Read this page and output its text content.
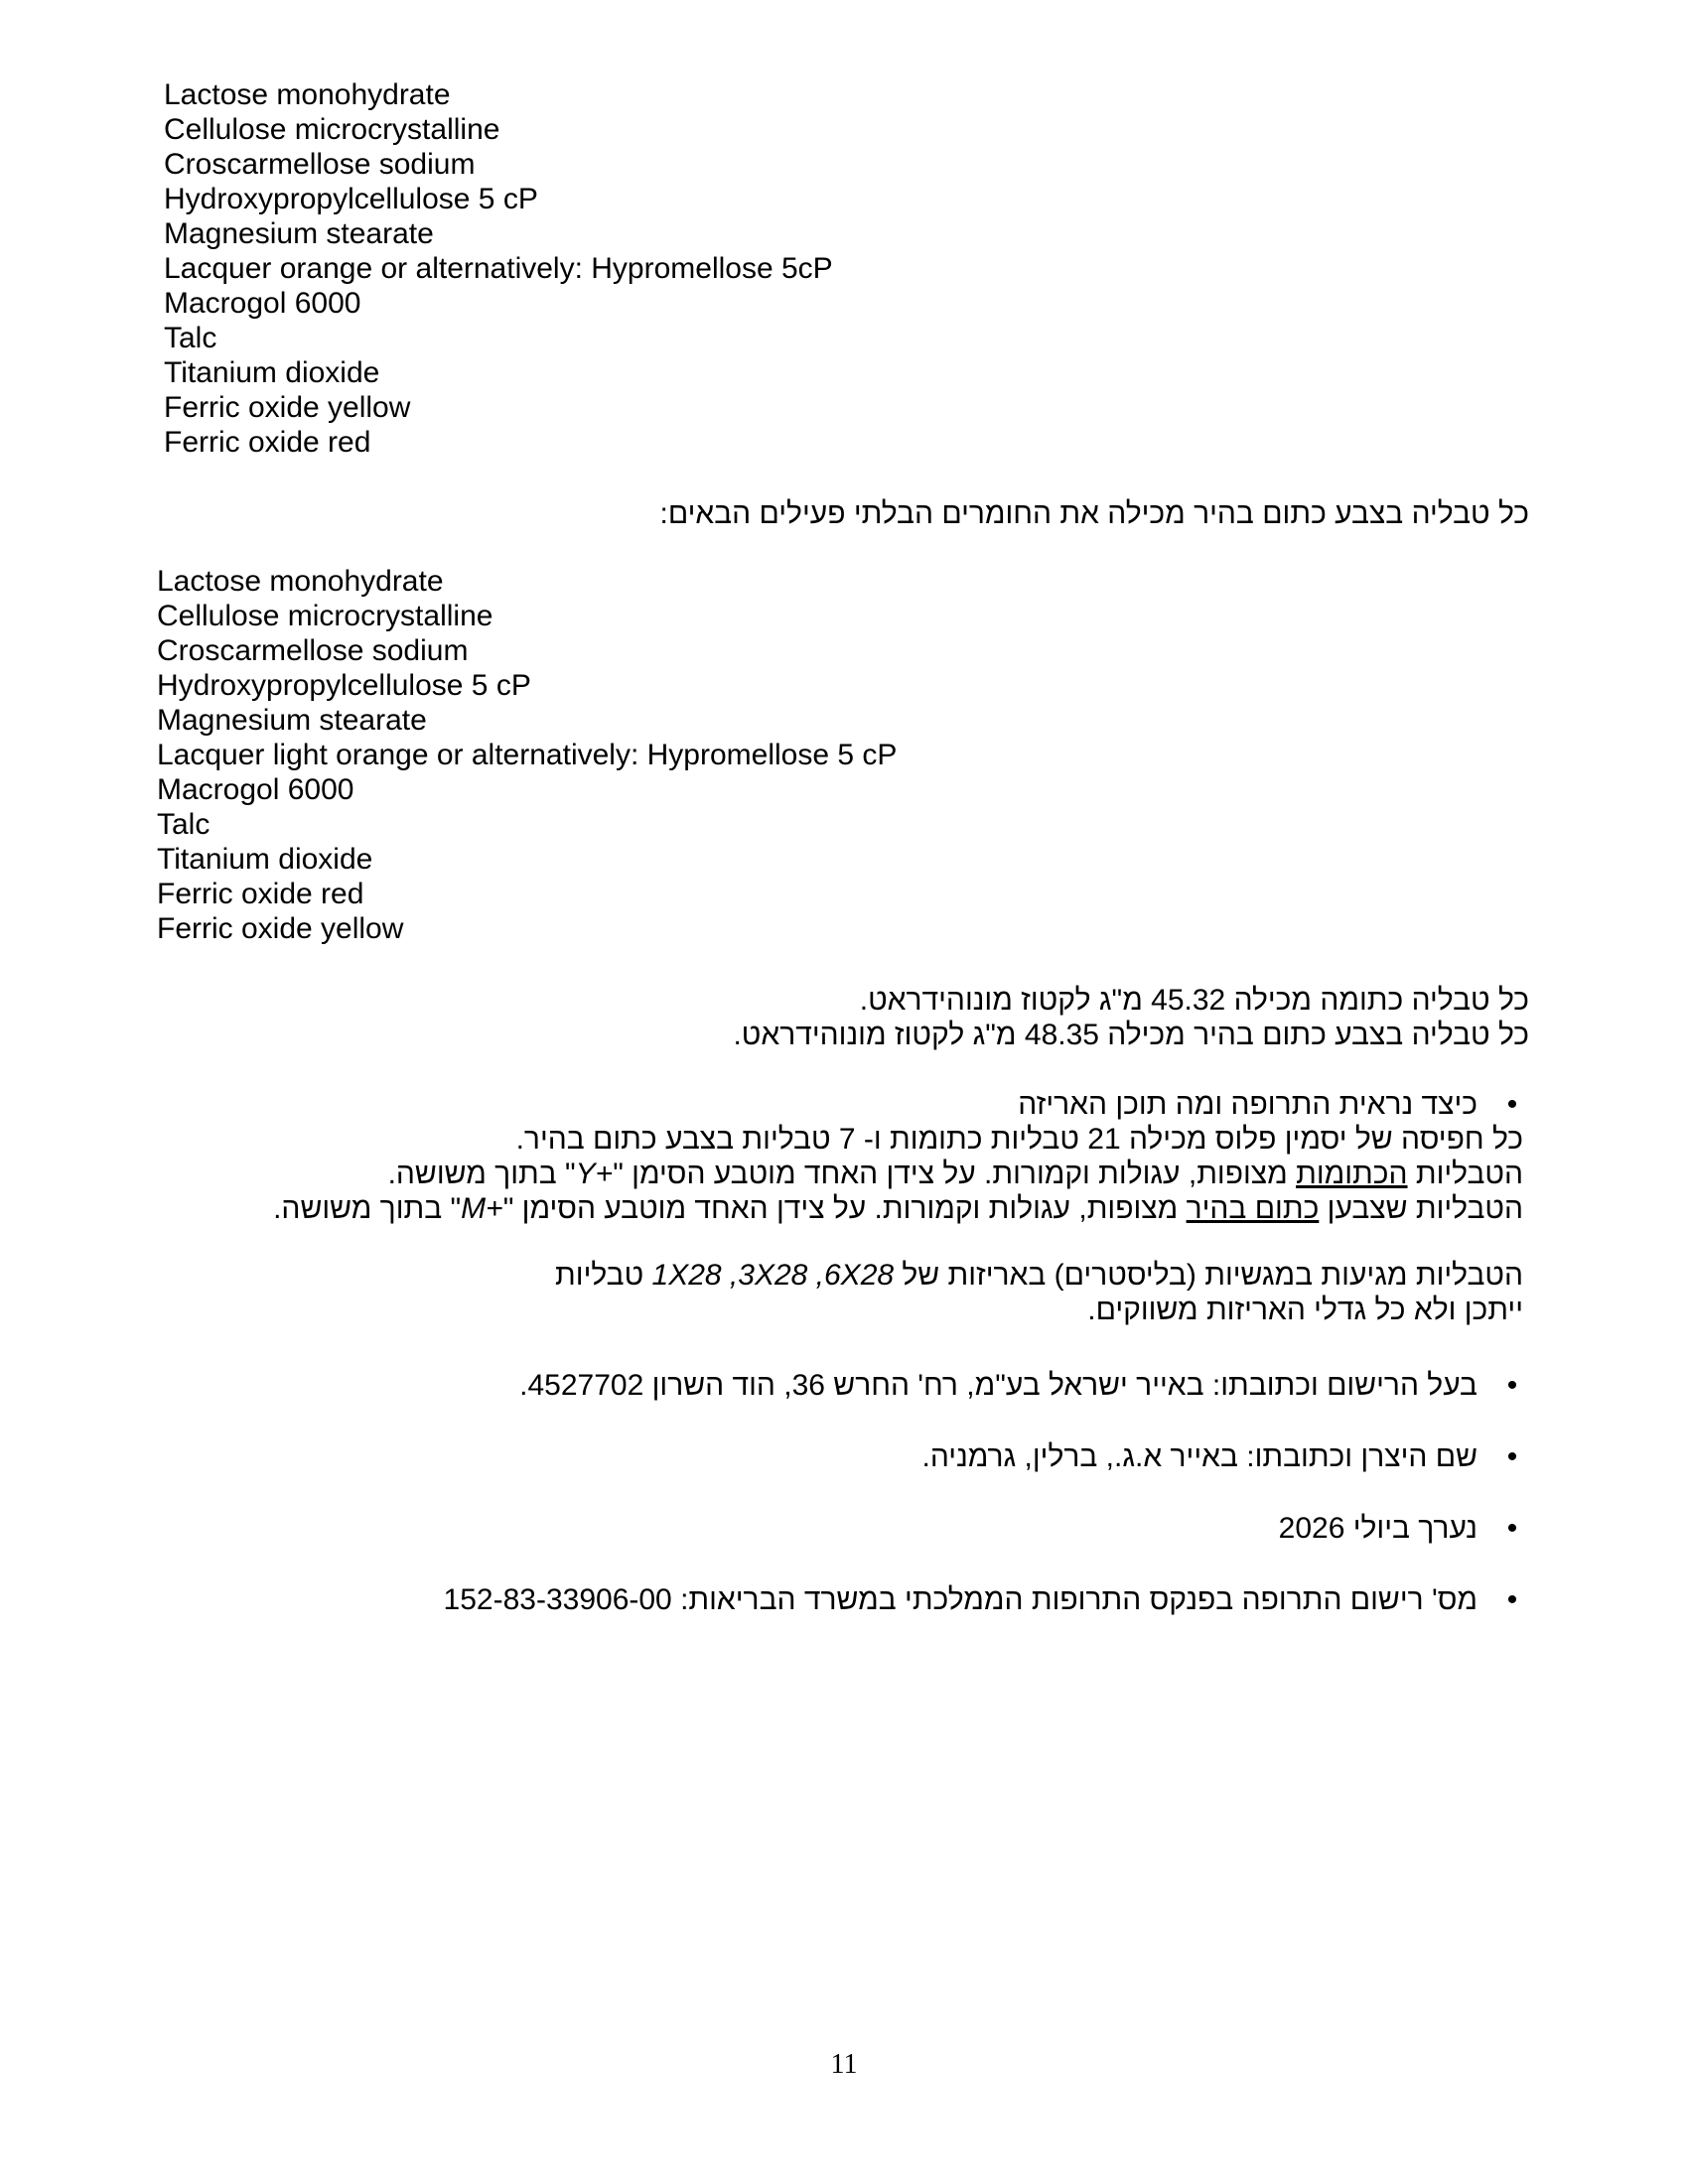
Lactose monohydrate
Cellulose microcrystalline
Croscarmellose sodium
Hydroxypropylcellulose 5 cP
Magnesium stearate
Lacquer orange or alternatively: Hypromellose 5cP
Macrogol 6000
Talc
Titanium dioxide
Ferric oxide yellow
Ferric oxide red
כל טבליה בצבע כתום בהיר מכילה את החומרים הבלתי פעילים הבאים:
Lactose monohydrate
Cellulose microcrystalline
Croscarmellose sodium
Hydroxypropylcellulose 5 cP
Magnesium stearate
Lacquer light orange or alternatively: Hypromellose 5 cP
Macrogol 6000
Talc
Titanium dioxide
Ferric oxide red
Ferric oxide yellow
כל טבליה כתומה מכילה 45.32 מ"ג לקטוז מונוהידראט.
כל טבליה בצבע כתום בהיר מכילה 48.35 מ"ג לקטוז מונוהידראט.
•
כיצד נראית התרופה ומה תוכן האריזה
כל חפיסה של יסמין פלוס מכילה 21 טבליות כתומות ו- 7 טבליות בצבע כתום בהיר.
הטבליות הכתומות מצופות, עגולות וקמורות. על צידן האחד מוטבע הסימן "Y+" בתוך משושה.
הטבליות שצבען כתום בהיר מצופות, עגולות וקמורות. על צידן האחד מוטבע הסימן "M+" בתוך משושה.
הטבליות מגיעות במגשיות (בליסטרים) באריזות של 1X28 ,3X28 ,6X28 טבליות
ייתכן ולא כל גדלי האריזות משווקים.
•
בעל הרישום וכתובתו: באייר ישראל בע"מ, רח' החרש 36, הוד השרון 4527702.
•
שם היצרן וכתובתו: באייר א.ג., ברלין, גרמניה.
•
נערך ביולי 2026
•
מס' רישום התרופה בפנקס התרופות הממלכתי במשרד הבריאות: 152-83-33906-00
11
